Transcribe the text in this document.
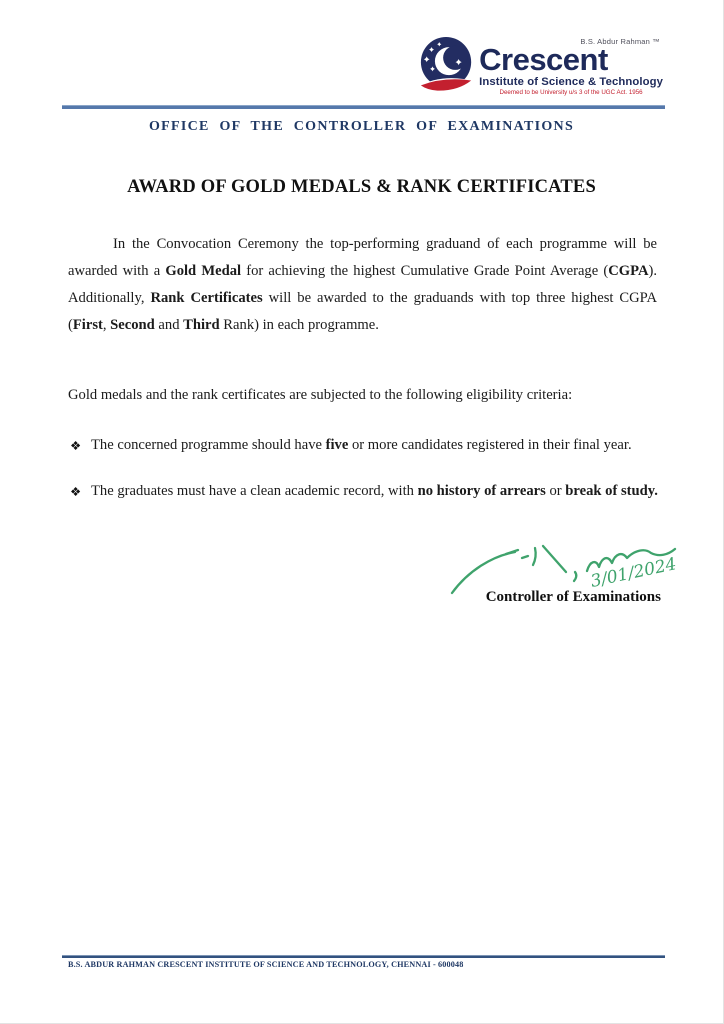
B.S. Abdur Rahman ™
Crescent
Institute of Science & Technology
Deemed to be University u/s 3 of the UGC Act. 1956
OFFICE OF THE CONTROLLER OF EXAMINATIONS
AWARD OF GOLD MEDALS & RANK CERTIFICATES
In the Convocation Ceremony the top-performing graduand of each programme will be awarded with a Gold Medal for achieving the highest Cumulative Grade Point Average (CGPA). Additionally, Rank Certificates will be awarded to the graduands with top three highest CGPA (First, Second and Third Rank) in each programme.
Gold medals and the rank certificates are subjected to the following eligibility criteria:
❖ The concerned programme should have five or more candidates registered in their final year.
❖ The graduates must have a clean academic record, with no history of arrears or break of study.
3/01/2024
Controller of Examinations
B.S. ABDUR RAHMAN CRESCENT INSTITUTE OF SCIENCE AND TECHNOLOGY, CHENNAI - 600048
